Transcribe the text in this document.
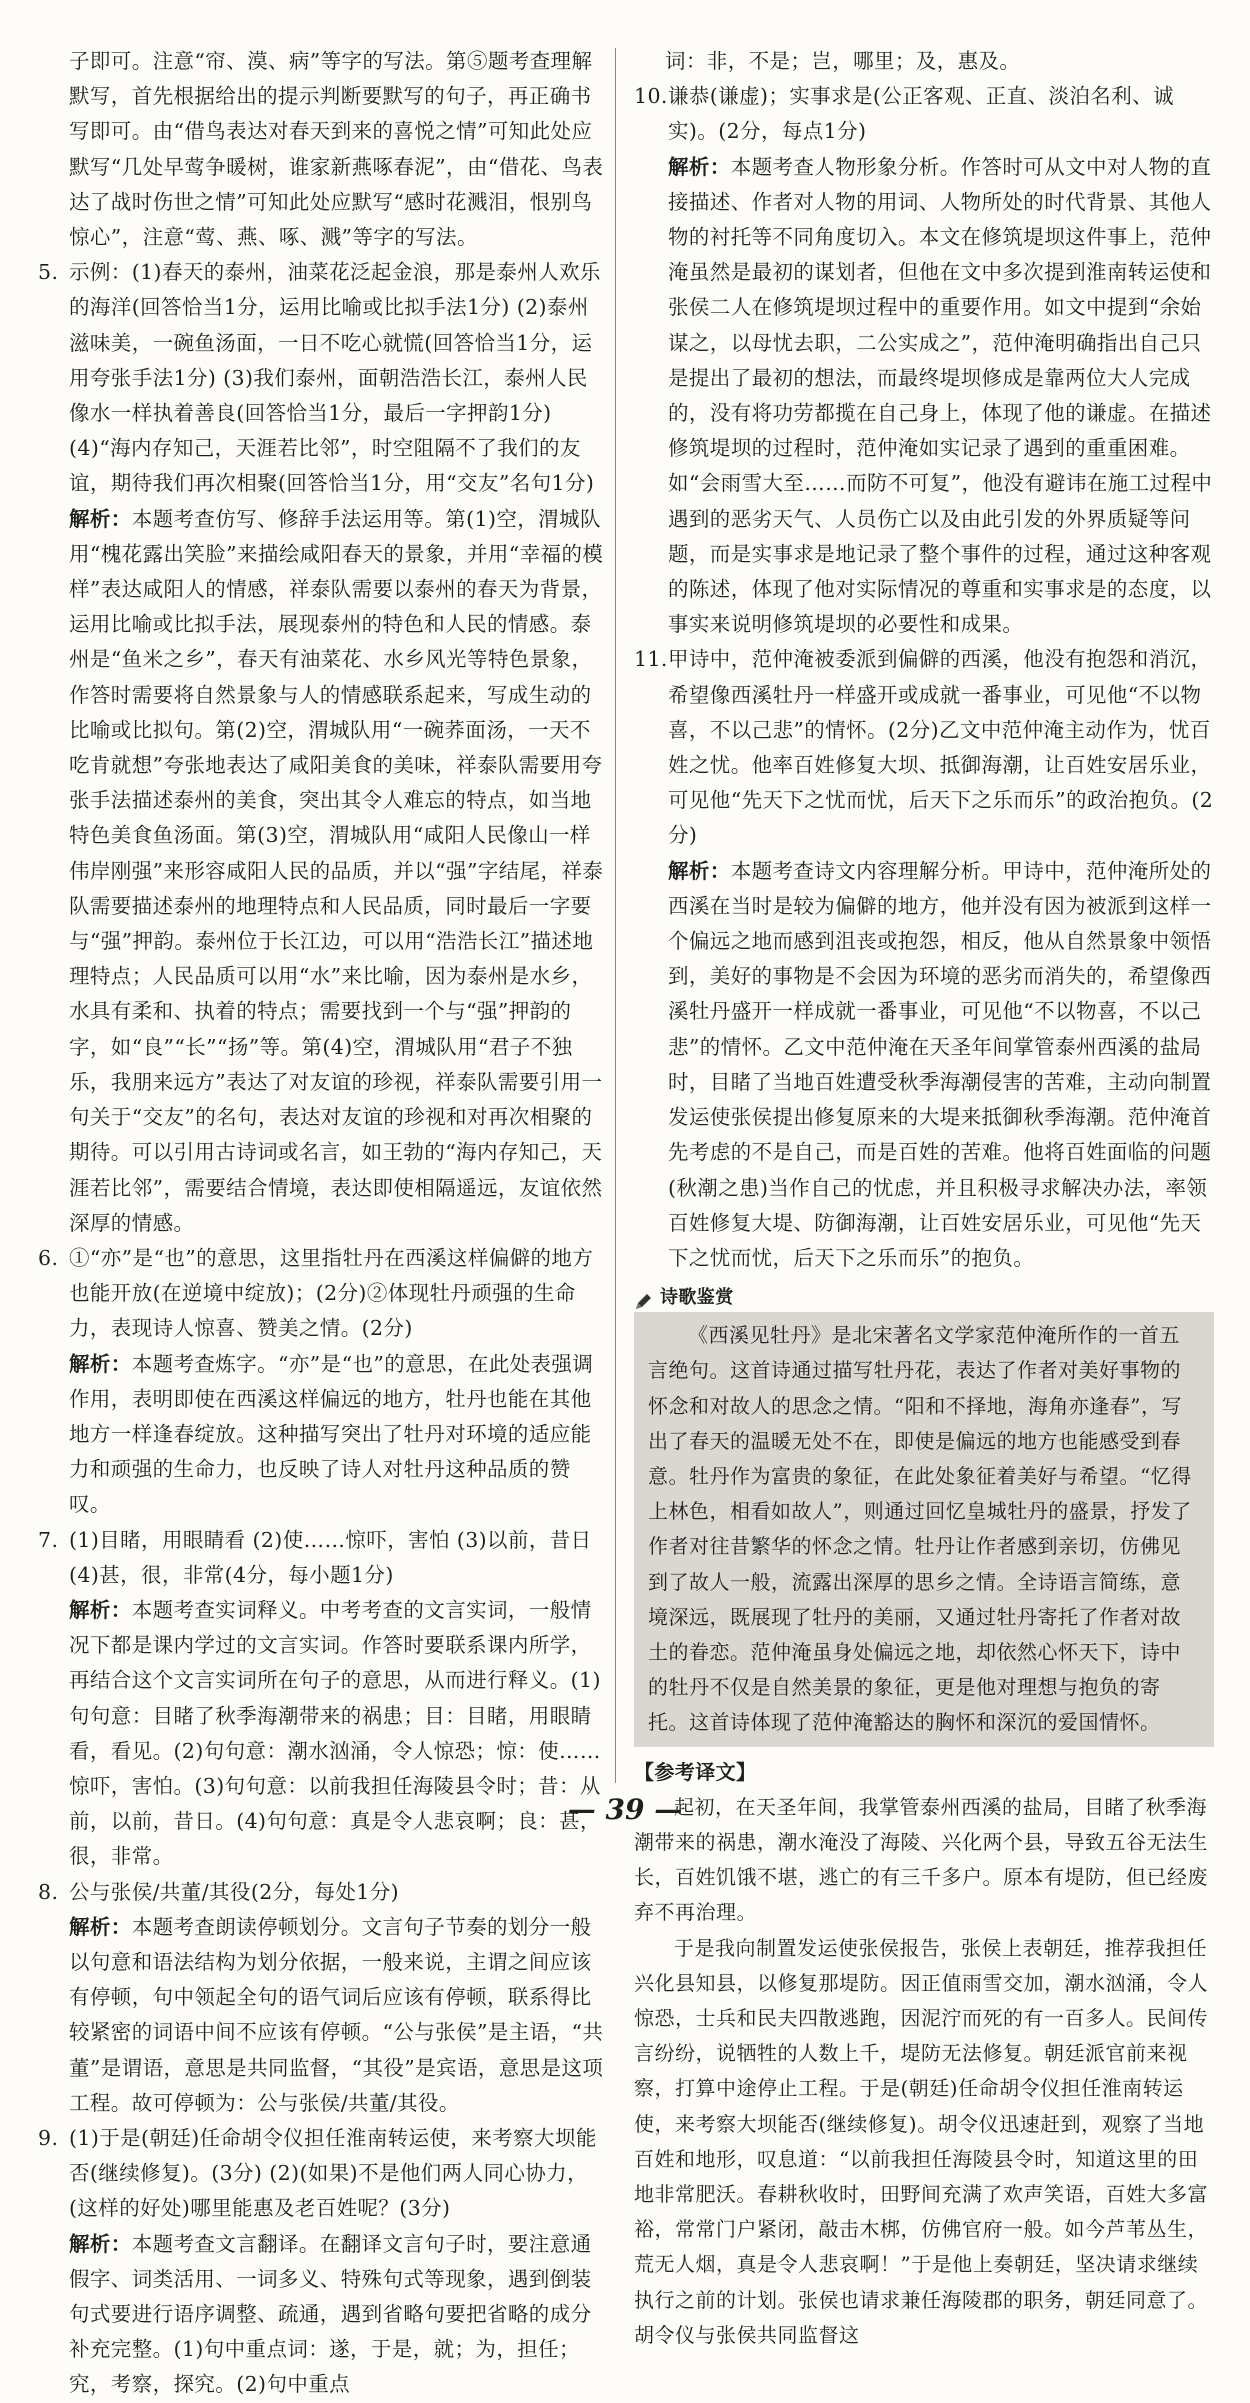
子即可。注意“帘、漠、病”等字的写法。第⑤题考查理解默写，首先根据给出的提示判断要默写的句子，再正确书写即可。由“借鸟表达对春天到来的喜悦之情”可知此处应默写“几处早莺争暖树，谁家新燕啄春泥”，由“借花、鸟表达了战时伤世之情”可知此处应默写“感时花溅泪，恨别鸟惊心”，注意“莺、燕、啄、溅”等字的写法。

5. 示例：(1)春天的泰州，油菜花泛起金浪，那是泰州人欢乐的海洋(回答恰当1分，运用比喻或比拟手法1分) (2)泰州滋味美，一碗鱼汤面，一日不吃心就慌(回答恰当1分，运用夸张手法1分) (3)我们泰州，面朝浩浩长江，泰州人民像水一样执着善良(回答恰当1分，最后一字押韵1分) (4)“海内存知己，天涯若比邻”，时空阻隔不了我们的友谊，期待我们再次相聚(回答恰当1分，用“交友”名句1分)

解析：本题考查仿写、修辞手法运用等。第(1)空，渭城队用“槐花露出笑脸”来描绘咸阳春天的景象，并用“幸福的模样”表达咸阳人的情感，祥泰队需要以泰州的春天为背景，运用比喻或比拟手法，展现泰州的特色和人民的情感。泰州是“鱼米之乡”，春天有油菜花、水乡风光等特色景象，作答时需要将自然景象与人的情感联系起来，写成生动的比喻或比拟句。第(2)空，渭城队用“一碗荞面汤，一天不吃肯就想”夸张地表达了咸阳美食的美味，祥泰队需要用夸张手法描述泰州的美食，突出其令人难忘的特点，如当地特色美食鱼汤面。第(3)空，渭城队用“咸阳人民像山一样伟岸刚强”来形容咸阳人民的品质，并以“强”字结尾，祥泰队需要描述泰州的地理特点和人民品质，同时最后一字要与“强”押韵。泰州位于长江边，可以用“浩浩长江”描述地理特点；人民品质可以用“水”来比喻，因为泰州是水乡，水具有柔和、执着的特点；需要找到一个与“强”押韵的字，如“良”“长”“扬”等。第(4)空，渭城队用“君子不独乐，我朋来远方”表达了对友谊的珍视，祥泰队需要引用一句关于“交友”的名句，表达对友谊的珍视和对再次相聚的期待。可以引用古诗词或名言，如王勃的“海内存知己，天涯若比邻”，需要结合情境，表达即使相隔遥远，友谊依然深厚的情感。

6. ①“亦”是“也”的意思，这里指牡丹在西溪这样偏僻的地方也能开放(在逆境中绽放)；(2分)②体现牡丹顽强的生命力，表现诗人惊喜、赞美之情。(2分)

解析：本题考查炼字。“亦”是“也”的意思，在此处表强调作用，表明即使在西溪这样偏远的地方，牡丹也能在其他地方一样逢春绽放。这种描写突出了牡丹对环境的适应能力和顽强的生命力，也反映了诗人对牡丹这种品质的赞叹。

7. (1)目睹，用眼睛看 (2)使……惊吓，害怕 (3)以前，昔日 (4)甚，很，非常(4分，每小题1分)

解析：本题考查实词释义。中考考查的文言实词，一般情况下都是课内学过的文言实词。作答时要联系课内所学，再结合这个文言实词所在句子的意思，从而进行释义。(1)句句意：目睹了秋季海潮带来的祸患；目：目睹，用眼睛看，看见。(2)句句意：潮水汹涌，令人惊恐；惊：使……惊吓，害怕。(3)句句意：以前我担任海陵县令时；昔：从前，以前，昔日。(4)句句意：真是令人悲哀啊；良：甚，很，非常。

8. 公与张侯/共董/其役(2分，每处1分)

解析：本题考查朗读停顿划分。文言句子节奏的划分一般以句意和语法结构为划分依据，一般来说，主谓之间应该有停顿，句中领起全句的语气词后应该有停顿，联系得比较紧密的词语中间不应该有停顿。“公与张侯”是主语，“共董”是谓语，意思是共同监督，“其役”是宾语，意思是这项工程。故可停顿为：公与张侯/共董/其役。

9. (1)于是(朝廷)任命胡令仪担任淮南转运使，来考察大坝能否(继续修复)。(3分) (2)(如果)不是他们两人同心协力，(这样的好处)哪里能惠及老百姓呢？(3分)

解析：本题考查文言翻译。在翻译文言句子时，要注意通假字、词类活用、一词多义、特殊句式等现象，遇到倒装句式要进行语序调整、疏通，遇到省略句要把省略的成分补充完整。(1)句中重点词：遂，于是，就；为，担任；究，考察，探究。(2)句中重点

词：非，不是；岂，哪里；及，惠及。

10. 谦恭(谦虚)；实事求是(公正客观、正直、淡泊名利、诚实)。(2分，每点1分)

解析：本题考查人物形象分析。作答时可从文中对人物的直接描述、作者对人物的用词、人物所处的时代背景、其他人物的衬托等不同角度切入。本文在修筑堤坝这件事上，范仲淹虽然是最初的谋划者，但他在文中多次提到淮南转运使和张侯二人在修筑堤坝过程中的重要作用。如文中提到“余始谋之，以母忧去职，二公实成之”，范仲淹明确指出自己只是提出了最初的想法，而最终堤坝修成是靠两位大人完成的，没有将功劳都揽在自己身上，体现了他的谦虚。在描述修筑堤坝的过程时，范仲淹如实记录了遇到的重重困难。如“会雨雪大至……而防不可复”，他没有避讳在施工过程中遇到的恶劣天气、人员伤亡以及由此引发的外界质疑等问题，而是实事求是地记录了整个事件的过程，通过这种客观的陈述，体现了他对实际情况的尊重和实事求是的态度，以事实来说明修筑堤坝的必要性和成果。

11. 甲诗中，范仲淹被委派到偏僻的西溪，他没有抱怨和消沉，希望像西溪牡丹一样盛开或成就一番事业，可见他“不以物喜，不以己悲”的情怀。(2分)乙文中范仲淹主动作为，忧百姓之忧。他率百姓修复大坝、抵御海潮，让百姓安居乐业，可见他“先天下之忧而忧，后天下之乐而乐”的政治抱负。(2分)

解析：本题考查诗文内容理解分析。甲诗中，范仲淹所处的西溪在当时是较为偏僻的地方，他并没有因为被派到这样一个偏远之地而感到沮丧或抱怨，相反，他从自然景象中领悟到，美好的事物是不会因为环境的恶劣而消失的，希望像西溪牡丹盛开一样成就一番事业，可见他“不以物喜，不以己悲”的情怀。乙文中范仲淹在天圣年间掌管泰州西溪的盐局时，目睹了当地百姓遭受秋季海潮侵害的苦难，主动向制置发运使张侯提出修复原来的大堤来抵御秋季海潮。范仲淹首先考虑的不是自己，而是百姓的苦难。他将百姓面临的问题(秋潮之患)当作自己的忧虑，并且积极寻求解决办法，率领百姓修复大堤、防御海潮，让百姓安居乐业，可见他“先天下之忧而忧，后天下之乐而乐”的抱负。

诗歌鉴赏

《西溪见牡丹》是北宋著名文学家范仲淹所作的一首五言绝句。这首诗通过描写牡丹花，表达了作者对美好事物的怀念和对故人的思念之情。“阳和不择地，海角亦逢春”，写出了春天的温暖无处不在，即使是偏远的地方也能感受到春意。牡丹作为富贵的象征，在此处象征着美好与希望。“忆得上林色，相看如故人”，则通过回忆皇城牡丹的盛景，抒发了作者对往昔繁华的怀念之情。牡丹让作者感到亲切，仿佛见到了故人一般，流露出深厚的思乡之情。全诗语言简练，意境深远，既展现了牡丹的美丽，又通过牡丹寄托了作者对故土的眷恋。范仲淹虽身处偏远之地，却依然心怀天下，诗中的牡丹不仅是自然美景的象征，更是他对理想与抱负的寄托。这首诗体现了范仲淹豁达的胸怀和深沉的爱国情怀。

【参考译文】

起初，在天圣年间，我掌管泰州西溪的盐局，目睹了秋季海潮带来的祸患，潮水淹没了海陵、兴化两个县，导致五谷无法生长，百姓饥饿不堪，逃亡的有三千多户。原本有堤防，但已经废弃不再治理。

于是我向制置发运使张侯报告，张侯上表朝廷，推荐我担任兴化县知县，以修复那堤防。因正值雨雪交加，潮水汹涌，令人惊恐，士兵和民夫四散逃跑，因泥泞而死的有一百多人。民间传言纷纷，说牺牲的人数上千，堤防无法修复。朝廷派官前来视察，打算中途停止工程。于是(朝廷)任命胡令仪担任淮南转运使，来考察大坝能否(继续修复)。胡令仪迅速赶到，观察了当地百姓和地形，叹息道：“以前我担任海陵县令时，知道这里的田地非常肥沃。春耕秋收时，田野间充满了欢声笑语，百姓大多富裕，常常门户紧闭，敲击木梆，仿佛官府一般。如今芦苇丛生，荒无人烟，真是令人悲哀啊！”于是他上奏朝廷，坚决请求继续执行之前的计划。张侯也请求兼任海陵郡的职务，朝廷同意了。胡令仪与张侯共同监督这

— 39 —
